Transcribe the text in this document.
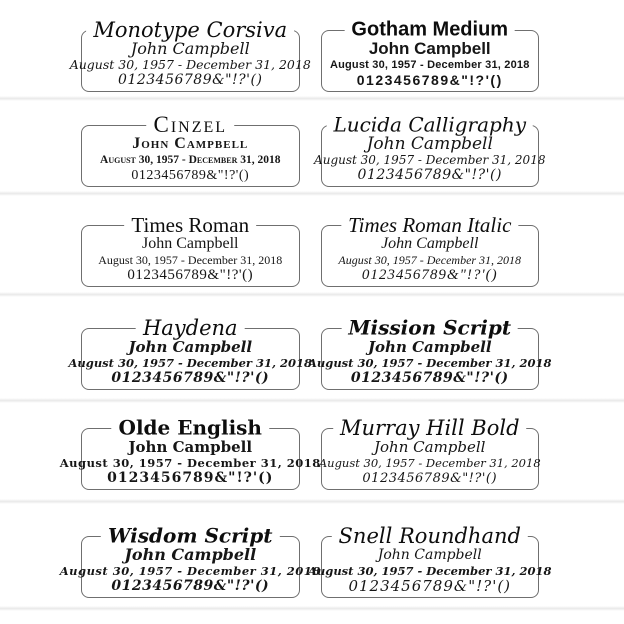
Monotype Corsiva
John Campbell
August 30, 1957 - December 31, 2018
0123456789&"!?'()
Gotham Medium
John Campbell
August 30, 1957 - December 31, 2018
0123456789&"!?'()
Cinzel
John Campbell
August 30, 1957 - December 31, 2018
0123456789&"!?'()
Lucida Calligraphy
John Campbell
August 30, 1957 - December 31, 2018
0123456789&"!?'()
Times Roman
John Campbell
August 30, 1957 - December 31, 2018
0123456789&"!?'()
Times Roman Italic
John Campbell
August 30, 1957 - December 31, 2018
0123456789&"!?'()
Haydena
John Campbell
August 30, 1957 - December 31, 2018
0123456789&"!?'()
Mission Script
John Campbell
August 30, 1957 - December 31, 2018
0123456789&"!?'()
Olde English
John Campbell
August 30, 1957 - December 31, 2018
0123456789&"!?'()
Murray Hill Bold
John Campbell
August 30, 1957 - December 31, 2018
0123456789&"!?'()
Wisdom Script
John Campbell
August 30, 1957 - December 31, 2018
0123456789&"!?'()
Snell Roundhand
John Campbell
August 30, 1957 - December 31, 2018
0123456789&"!?'()
